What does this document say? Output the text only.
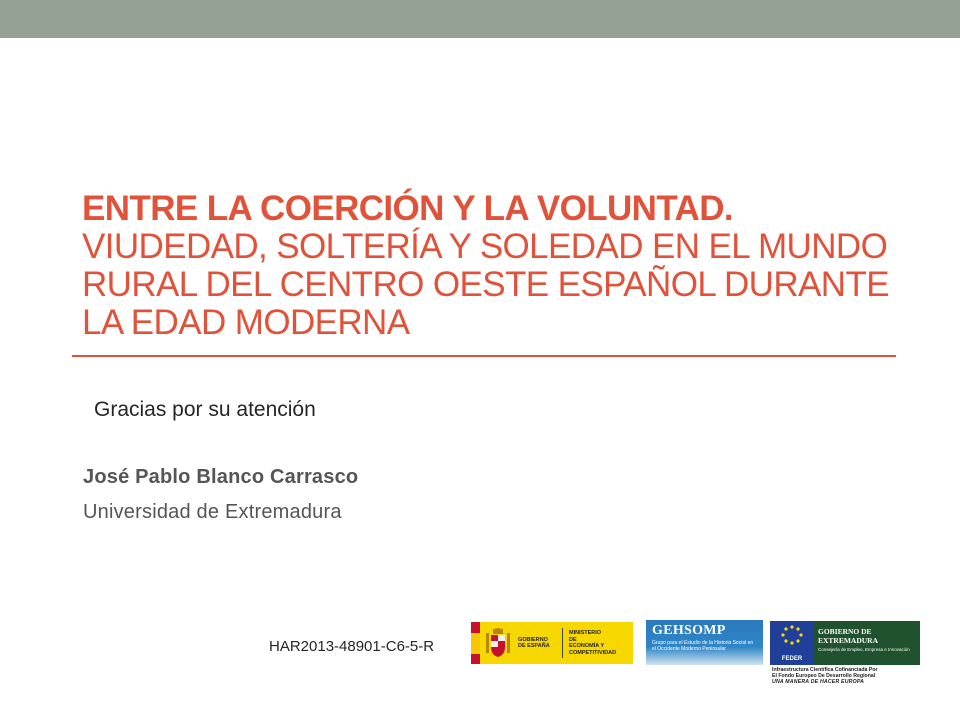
ENTRE LA COERCIÓN Y LA VOLUNTAD. VIUDEDAD, SOLTERÍA Y SOLEDAD EN EL MUNDO RURAL DEL CENTRO OESTE ESPAÑOL DURANTE LA EDAD MODERNA
Gracias por su atención
José Pablo Blanco Carrasco
Universidad de Extremadura
HAR2013-48901-C6-5-R	GOBIERNO DE ESPAÑA
MINISTERIO DE ECONOMÍA Y COMPETITIVIDAD
GEHSOMP
Grupo para el Estudio de la Historia Social en el Occidente Moderno Peninsular
FEDER
GOBIERNO DE EXTREMADURA
Consejería de Empleo, Empresa e Innovación
Infraestructura Científica Cofinanciada Por
El Fondo Europeo De Desarrollo Regional
UNA MANERA DE HACER EUROPA
